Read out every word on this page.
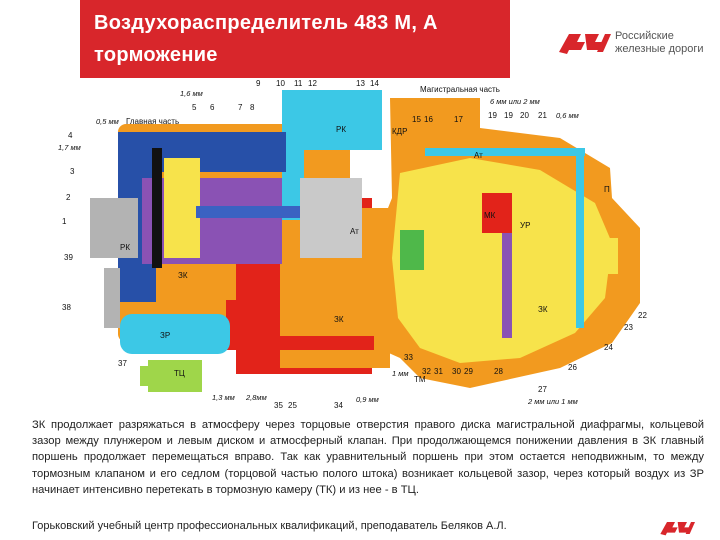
Воздухораспределитель 483 М, А
торможение
Российские
железные дороги
Магистральная часть
Главная часть
РК	КДР
Ат
Ат
МК
РК
ЗК
ЗК
ЗК
ЗР
ТЦ
ТМ
П
УР
9 10 11 12	13 14
5 6	7 8
4
3
2
1
39
38
37
35 25	34
33
32 31 30 29	28
27
26
24
23
22
15 16	17	19 19 20 21
1,6 мм
0,5 мм
1,7 мм
1,3 мм 2,8мм	0,9 мм
6 мм или 2 мм
0,6 мм
2 мм или 1 мм
1 мм
ЗК продолжает разряжаться в атмосферу через торцовые отверстия правого диска магистральной диафрагмы, кольцевой зазор между плунжером и левым диском и атмосферный клапан. При продолжающемся понижении давления в ЗК главный поршень продолжает перемещаться вправо. Так как уравнительный поршень при этом остается неподвижным, то между тормозным клапаном и его седлом (торцовой частью полого штока) возникает кольцевой зазор, через который воздух из ЗР начинает интенсивно перетекать в тормозную камеру (ТК) и из нее - в ТЦ.
Горьковский учебный центр профессиональных квалификаций, преподаватель Беляков А.Л.
